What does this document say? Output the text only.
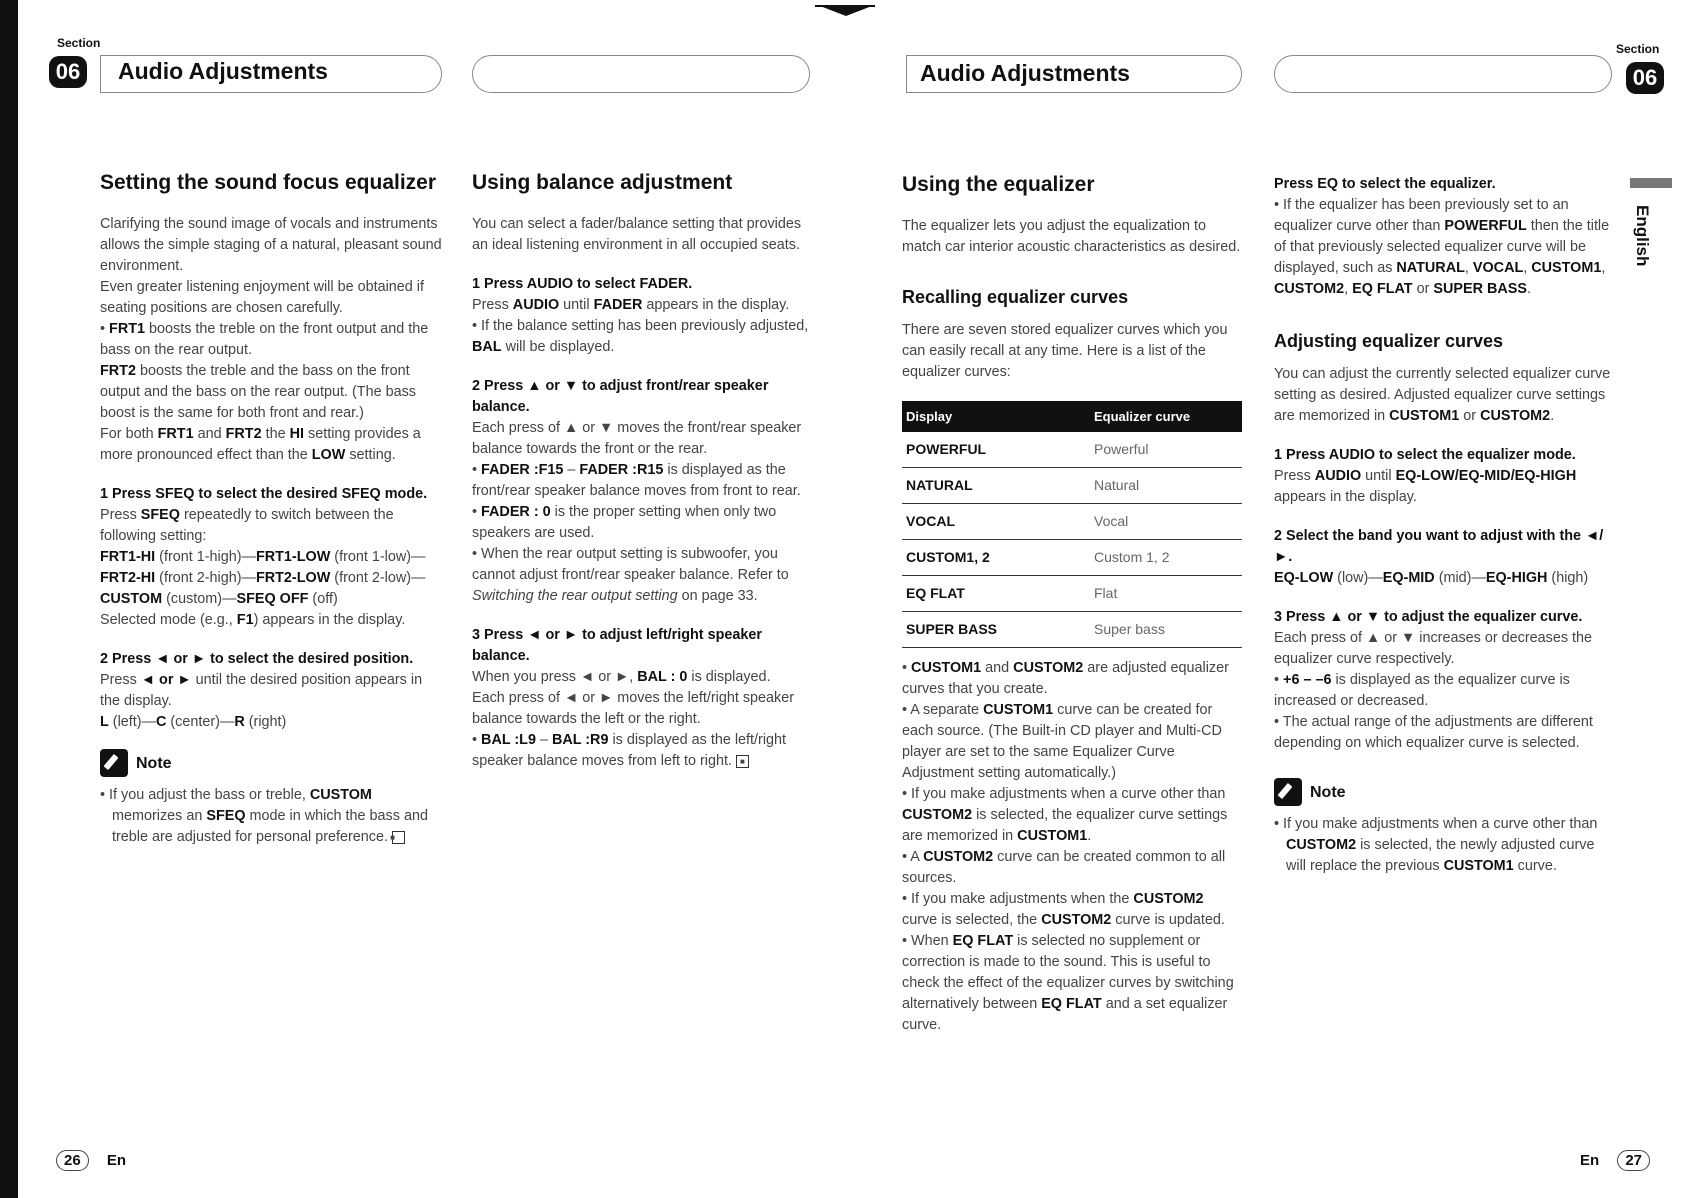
Section
06 Audio Adjustments	Audio Adjustments
Section
06
English
Setting the sound focus equalizer

Clarifying the sound image of vocals and instruments allows the simple staging of a natural, pleasant sound environment.

Even greater listening enjoyment will be obtained if seating positions are chosen carefully.

• FRT1 boosts the treble on the front output and the bass on the rear output.

FRT2 boosts the treble and the bass on the front output and the bass on the rear output. (The bass boost is the same for both front and rear.)

For both FRT1 and FRT2 the HI setting provides a more pronounced effect than the LOW setting.

1 Press SFEQ to select the desired SFEQ mode.

Press SFEQ repeatedly to switch between the following setting:

FRT1-HI (front 1-high)—FRT1-LOW (front 1-low)—FRT2-HI (front 2-high)—FRT2-LOW (front 2-low)—CUSTOM (custom)—SFEQ OFF (off)

Selected mode (e.g., F1) appears in the display.

2 Press ◄ or ► to select the desired position.

Press ◄ or ► until the desired position appears in the display.

L (left)—C (center)—R (right)

Note

• If you adjust the bass or treble, CUSTOM memorizes an SFEQ mode in which the bass and treble are adjusted for personal preference. ■

Using balance adjustment

You can select a fader/balance setting that provides an ideal listening environment in all occupied seats.

1 Press AUDIO to select FADER.

Press AUDIO until FADER appears in the display.

• If the balance setting has been previously adjusted, BAL will be displayed.

2 Press ▲ or ▼ to adjust front/rear speaker balance.

Each press of ▲ or ▼ moves the front/rear speaker balance towards the front or the rear.

• FADER :F15 – FADER :R15 is displayed as the front/rear speaker balance moves from front to rear.

• FADER : 0 is the proper setting when only two speakers are used.

• When the rear output setting is subwoofer, you cannot adjust front/rear speaker balance. Refer to Switching the rear output setting on page 33.

3 Press ◄ or ► to adjust left/right speaker balance.

When you press ◄ or ►, BAL : 0 is displayed.

Each press of ◄ or ► moves the left/right speaker balance towards the left or the right.

• BAL :L9 – BAL :R9 is displayed as the left/right speaker balance moves from left to right. ■

Using the equalizer

The equalizer lets you adjust the equalization to match car interior acoustic characteristics as desired.

Recalling equalizer curves

There are seven stored equalizer curves which you can easily recall at any time. Here is a list of the equalizer curves:

Display	Equalizer curve
POWERFUL	Powerful
NATURAL	Natural
VOCAL	Vocal
CUSTOM1, 2	Custom 1, 2
EQ FLAT	Flat
SUPER BASS	Super bass

• CUSTOM1 and CUSTOM2 are adjusted equalizer curves that you create.

• A separate CUSTOM1 curve can be created for each source. (The Built-in CD player and Multi-CD player are set to the same Equalizer Curve Adjustment setting automatically.)

• If you make adjustments when a curve other than CUSTOM2 is selected, the equalizer curve settings are memorized in CUSTOM1.

• A CUSTOM2 curve can be created common to all sources.

• If you make adjustments when the CUSTOM2 curve is selected, the CUSTOM2 curve is updated.

• When EQ FLAT is selected no supplement or correction is made to the sound. This is useful to check the effect of the equalizer curves by switching alternatively between EQ FLAT and a set equalizer curve.

Press EQ to select the equalizer.

• If the equalizer has been previously set to an equalizer curve other than POWERFUL then the title of that previously selected equalizer curve will be displayed, such as NATURAL, VOCAL, CUSTOM1, CUSTOM2, EQ FLAT or SUPER BASS.

Adjusting equalizer curves

You can adjust the currently selected equalizer curve setting as desired. Adjusted equalizer curve settings are memorized in CUSTOM1 or CUSTOM2.

1 Press AUDIO to select the equalizer mode.

Press AUDIO until EQ-LOW/EQ-MID/EQ-HIGH appears in the display.

2 Select the band you want to adjust with the ◄/►.

EQ-LOW (low)—EQ-MID (mid)—EQ-HIGH (high)

3 Press ▲ or ▼ to adjust the equalizer curve.

Each press of ▲ or ▼ increases or decreases the equalizer curve respectively.

• +6 – –6 is displayed as the equalizer curve is increased or decreased.

• The actual range of the adjustments are different depending on which equalizer curve is selected.

Note

• If you make adjustments when a curve other than CUSTOM2 is selected, the newly adjusted curve will replace the previous CUSTOM1 curve.

26 En	En 27
